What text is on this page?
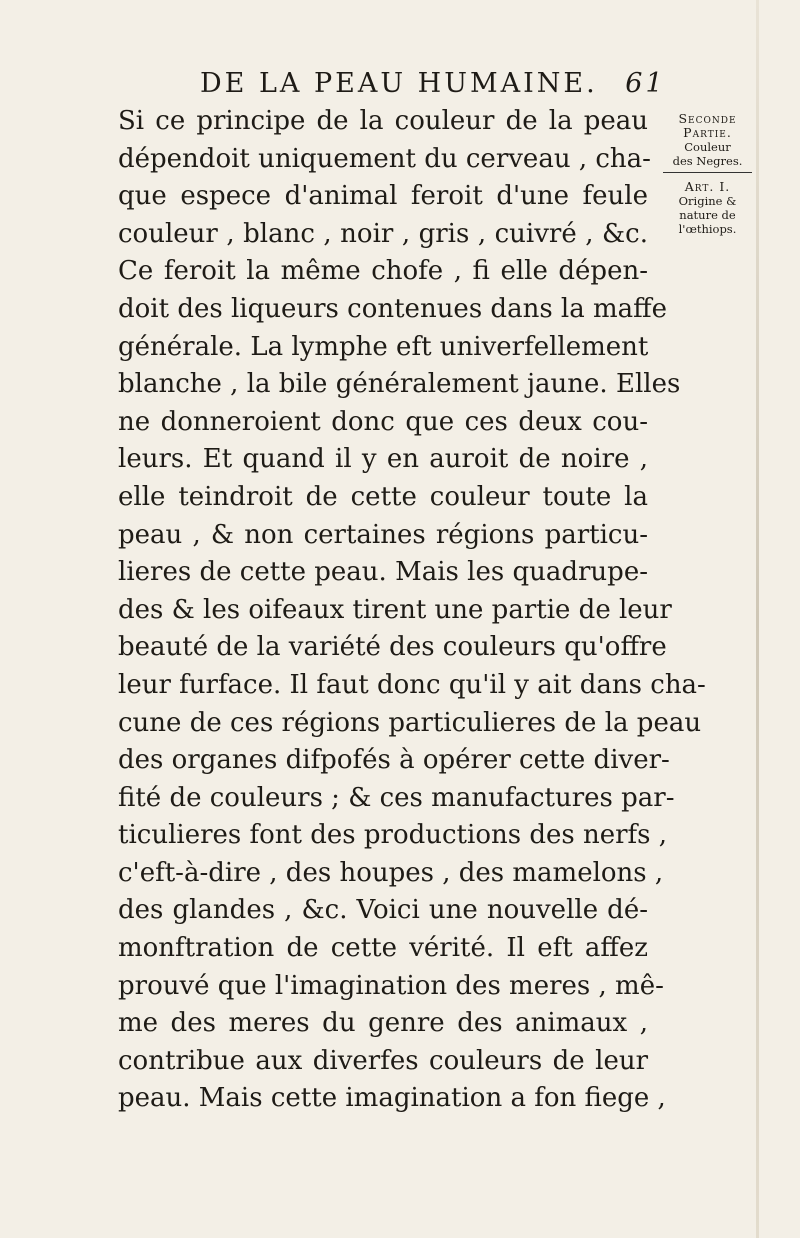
DE LA PEAU HUMAINE. 61
Seconde Partie.
Couleur
des Negres.
Art. I.
Origine &
nature de
l'œthiops.
Si ce principe de la couleur de la peau
dépendoit uniquement du cerveau , cha-
que espece d'animal feroit d'une feule
couleur , blanc , noir , gris , cuivré , &c.
Ce feroit la même chofe , fi elle dépen-
doit des liqueurs contenues dans la maffe
générale. La lymphe eft univerfellement
blanche , la bile généralement jaune. Elles
ne donneroient donc que ces deux cou-
leurs. Et quand il y en auroit de noire ,
elle teindroit de cette couleur toute la
peau , & non certaines régions particu-
lieres de cette peau. Mais les quadrupe-
des & les oifeaux tirent une partie de leur
beauté de la variété des couleurs qu'offre
leur furface. Il faut donc qu'il y ait dans cha-
cune de ces régions particulieres de la peau
des organes difpofés à opérer cette diver-
fité de couleurs ; & ces manufactures par-
ticulieres font des productions des nerfs ,
c'eft-à-dire , des houpes , des mamelons ,
des glandes , &c. Voici une nouvelle dé-
monftration de cette vérité. Il eft affez
prouvé que l'imagination des meres , mê-
me des meres du genre des animaux ,
contribue aux diverfes couleurs de leur
peau. Mais cette imagination a fon fiege ,
